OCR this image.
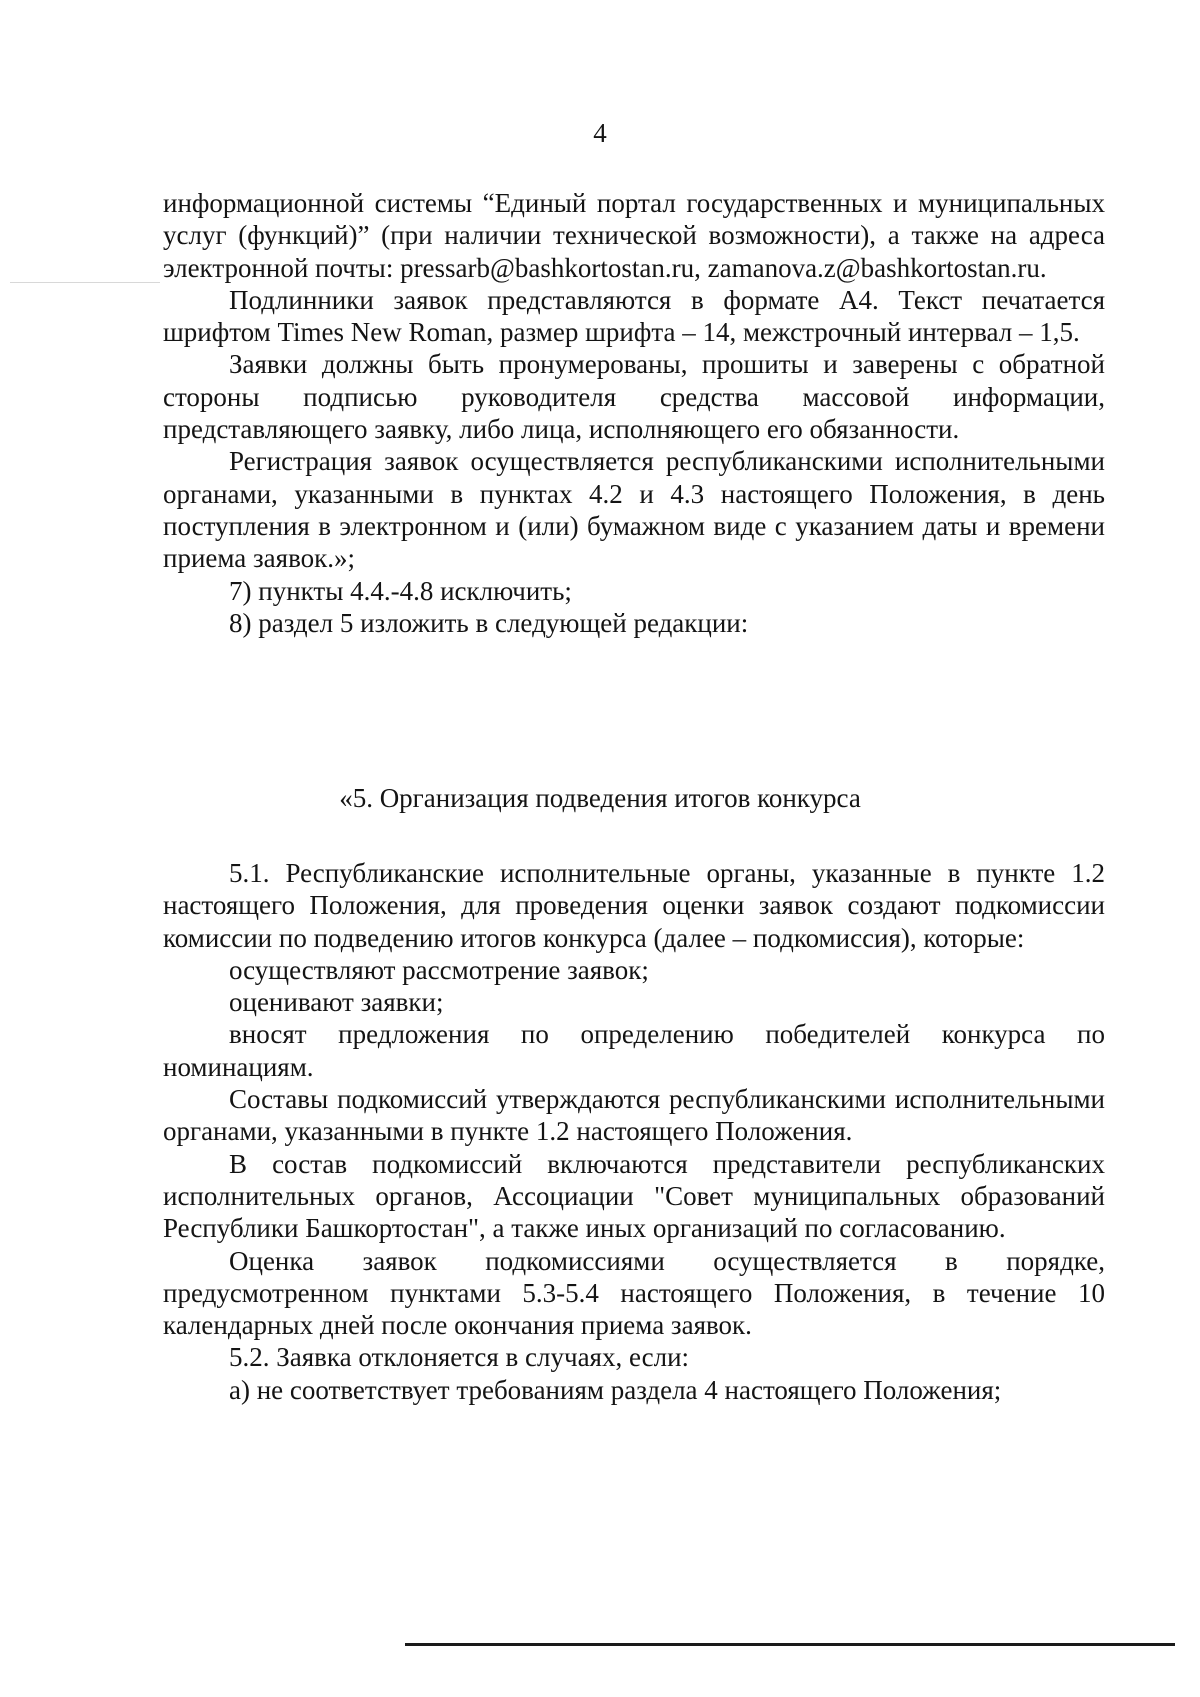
4

информационной системы “Единый портал государственных и муниципальных услуг (функций)” (при наличии технической возможности), а также на адреса электронной почты: pressarb@bashkortostan.ru, zamanova.z@bashkortostan.ru.

Подлинники заявок представляются в формате А4. Текст печатается шрифтом Times New Roman, размер шрифта – 14, межстрочный интервал – 1,5.

Заявки должны быть пронумерованы, прошиты и заверены с обратной стороны подписью руководителя средства массовой информации, представляющего заявку, либо лица, исполняющего его обязанности.

Регистрация заявок осуществляется республиканскими исполнительными органами, указанными в пунктах 4.2 и 4.3 настоящего Положения, в день поступления в электронном и (или) бумажном виде с указанием даты и времени приема заявок.»;

7) пункты 4.4.-4.8 исключить;

8) раздел 5 изложить в следующей редакции:

«5. Организация подведения итогов конкурса

5.1. Республиканские исполнительные органы, указанные в пункте 1.2 настоящего Положения, для проведения оценки заявок создают подкомиссии комиссии по подведению итогов конкурса (далее – подкомиссия), которые:

осуществляют рассмотрение заявок;

оценивают заявки;

вносят предложения по определению победителей конкурса по номинациям.

Составы подкомиссий утверждаются республиканскими исполнительными органами, указанными в пункте 1.2 настоящего Положения.

В состав подкомиссий включаются представители республиканских исполнительных органов, Ассоциации "Совет муниципальных образований Республики Башкортостан", а также иных организаций по согласованию.

Оценка заявок подкомиссиями осуществляется в порядке, предусмотренном пунктами 5.3-5.4 настоящего Положения, в течение 10 календарных дней после окончания приема заявок.

5.2. Заявка отклоняется в случаях, если:

а) не соответствует требованиям раздела 4 настоящего Положения;
